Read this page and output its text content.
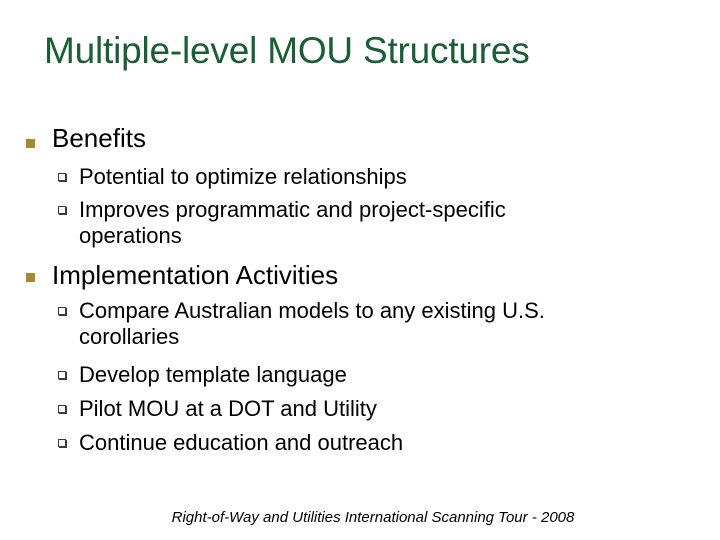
Multiple-level MOU Structures
Benefits
Potential to optimize relationships
Improves programmatic and project-specific operations
Implementation Activities
Compare Australian models to any existing U.S. corollaries
Develop template language
Pilot MOU at a DOT and Utility
Continue education and outreach
Right-of-Way and Utilities International Scanning Tour - 2008
